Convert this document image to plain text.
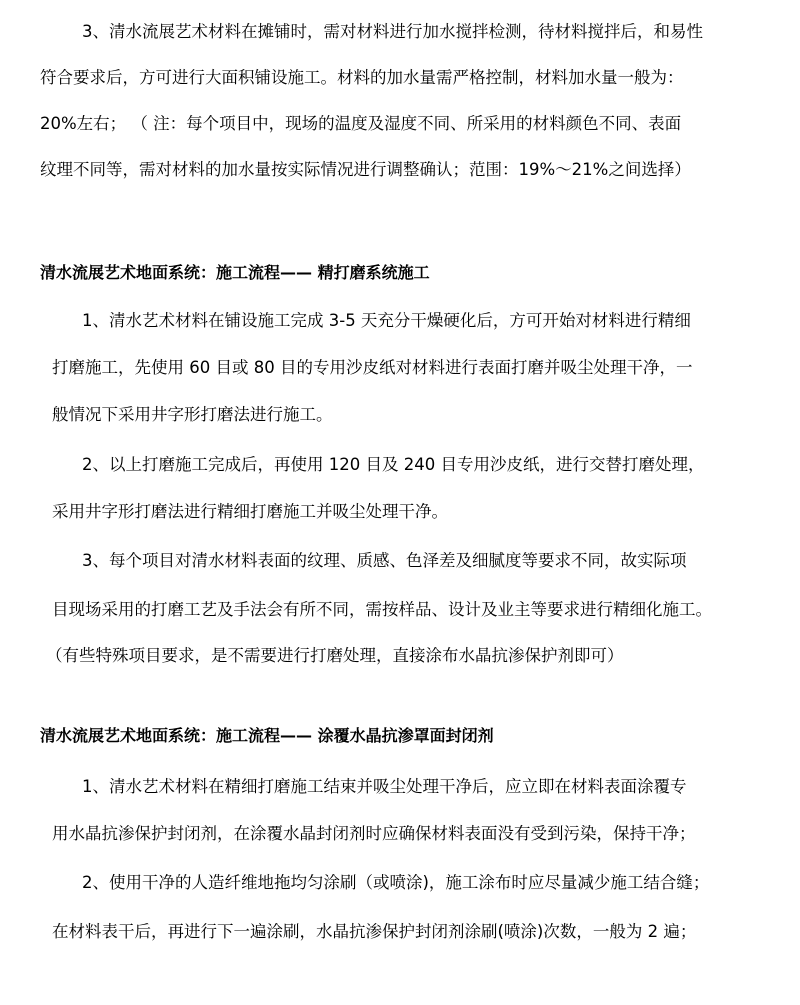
3、清水流展艺术材料在摊铺时，需对材料进行加水搅拌检测，待材料搅拌后，和易性
符合要求后，方可进行大面积铺设施工。材料的加水量需严格控制，材料加水量一般为：
20%左右； （ 注：每个项目中，现场的温度及湿度不同、所采用的材料颜色不同、表面
纹理不同等，需对材料的加水量按实际情况进行调整确认；范围：19%～21%之间选择）
清水流展艺术地面系统：施工流程—— 精打磨系统施工
1、清水艺术材料在铺设施工完成 3-5 天充分干燥硬化后，方可开始对材料进行精细
打磨施工，先使用 60 目或 80 目的专用沙皮纸对材料进行表面打磨并吸尘处理干净，一
般情况下采用井字形打磨法进行施工。
2、以上打磨施工完成后，再使用 120 目及 240 目专用沙皮纸，进行交替打磨处理，
采用井字形打磨法进行精细打磨施工并吸尘处理干净。
3、每个项目对清水材料表面的纹理、质感、色泽差及细腻度等要求不同，故实际项
目现场采用的打磨工艺及手法会有所不同，需按样品、设计及业主等要求进行精细化施工。
（有些特殊项目要求，是不需要进行打磨处理，直接涂布水晶抗渗保护剂即可）
清水流展艺术地面系统：施工流程—— 涂覆水晶抗渗罩面封闭剂
1、清水艺术材料在精细打磨施工结束并吸尘处理干净后，应立即在材料表面涂覆专
用水晶抗渗保护封闭剂，在涂覆水晶封闭剂时应确保材料表面没有受到污染，保持干净；
2、使用干净的人造纤维地拖均匀涂刷（或喷涂)，施工涂布时应尽量减少施工结合缝；
在材料表干后，再进行下一遍涂刷，水晶抗渗保护封闭剂涂刷(喷涂)次数，一般为 2 遍；
